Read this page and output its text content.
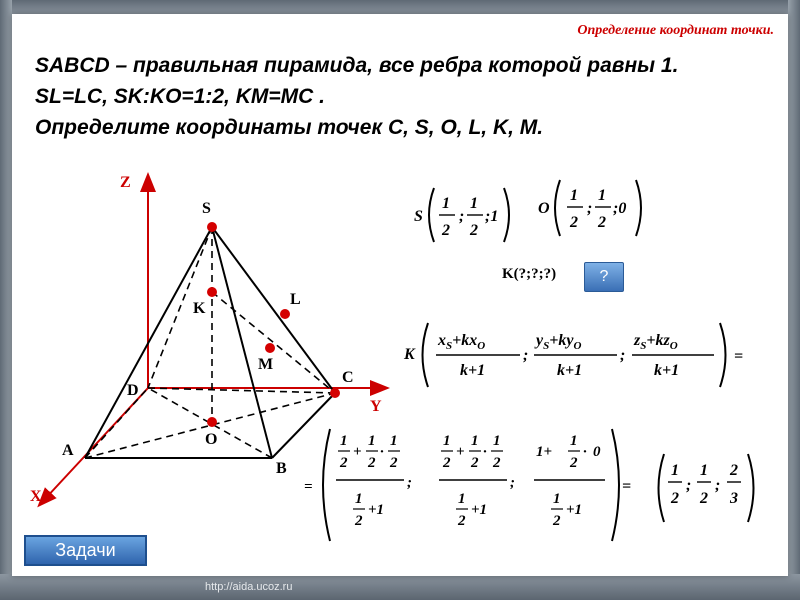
Определение координат точки.
SABCD – правильная пирамида, все ребра которой равны 1.
SL=LC, SK:KO=1:2, KM=MC .
Определите координаты точек C, S, O, L, K, M.
Z
Y
X
S
K
L
M
D
C
O
A
B
S
1
2
;
1
2
;1 O
1
2
;
1
2
;0
K(?;?;?)	?
K
$x_S+kx_O$
k+1
;
$y_S+ky_O$
k+1
;
$z_S+kz_O$
k+1
=
=
1
2
+
1
2
·
1
2
1
2
+1
;
1
2
+
1
2
·
1
2
1
2
+1
;
1+
1
2
· 0
1
2
+1
=
1
2
;
1
2
;
2
3
Задачи
http://aida.ucoz.ru
